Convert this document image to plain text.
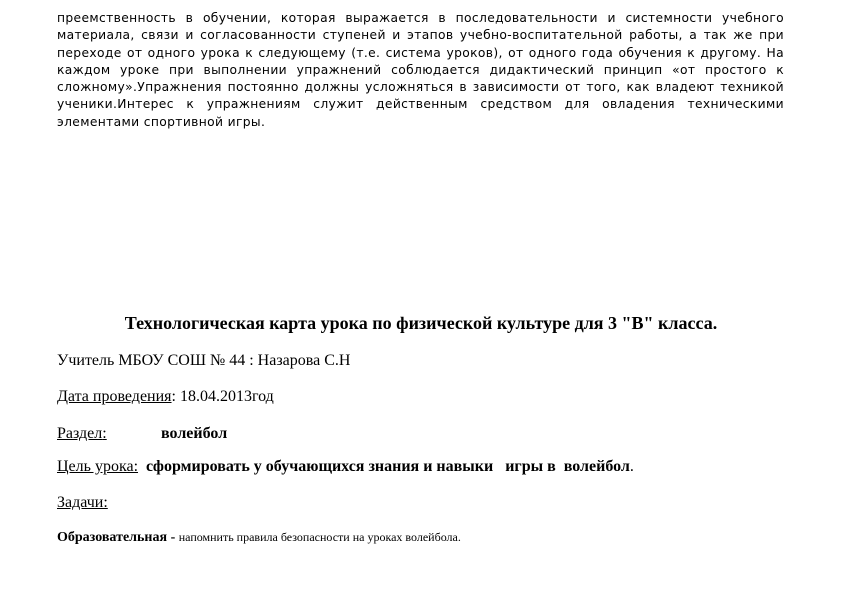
преемственность в обучении, которая выражается в последовательности и системности учебного материала, связи и согласованности ступеней и этапов учебно-воспитательной работы, а так же при переходе от одного урока к следующему (т.е. система уроков), от одного года обучения к другому. На каждом уроке при выполнении упражнений соблюдается дидактический принцип «от простого к сложному».Упражнения постоянно должны усложняться в зависимости от того, как владеют техникой ученики.Интерес к упражнениям служит действенным средством для овладения техническими элементами спортивной игры.

Технологическая карта урока по физической культуре для 3 "В" класса.
Учитель МБОУ СОШ № 44 : Назарова С.Н
Дата проведения: 18.04.2013год
Раздел:	волейбол
Цель урока: сформировать у обучающихся знания и навыки   игры в  волейбол.
Задачи:
Образовательная - напомнить правила безопасности на уроках волейбола.
